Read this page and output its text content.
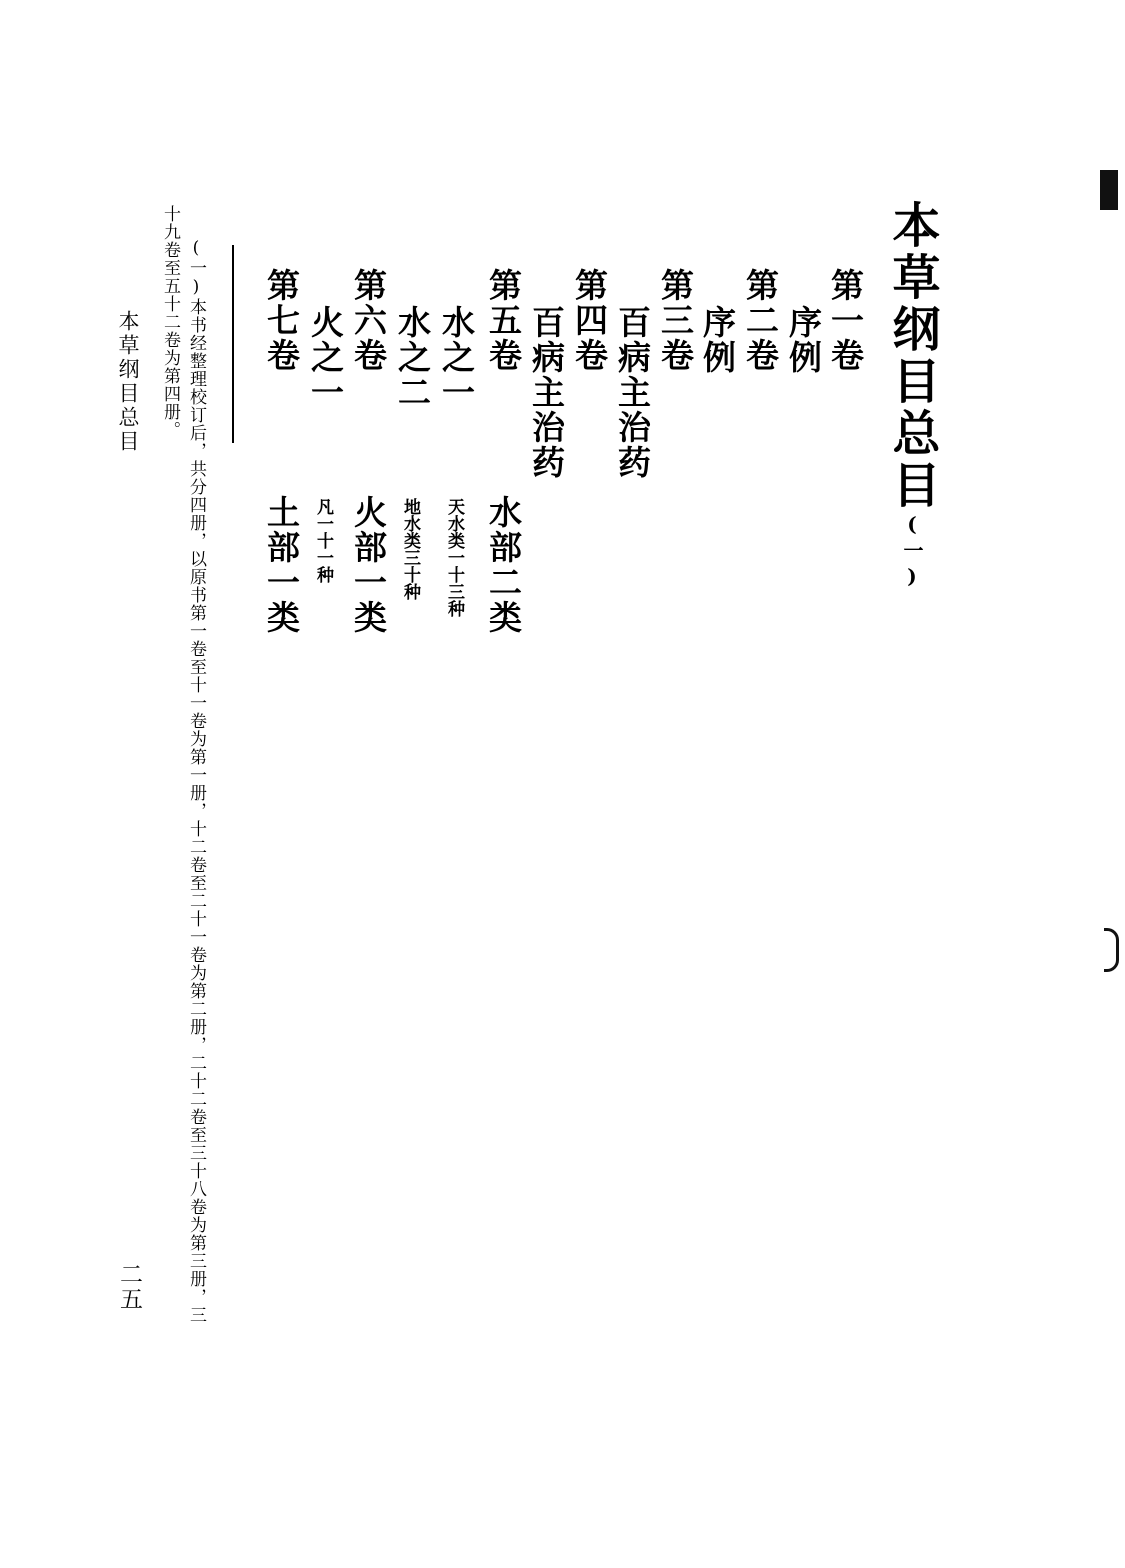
本草纲目总目(一)
第一卷
序例
第二卷
序例
第三卷
百病主治药
第四卷
百病主治药
第五卷
水部二类
水之一
天水类一十三种
水之二
地水类三十种
第六卷
火部一类
火之一
凡一十一种
第七卷
土部一类
(一)本书经整理校订后，共分四册，以原书第一卷至十一卷为第一册，十二卷至二十一卷为第二册，二十二卷至三十八卷为第三册，三
十九卷至五十二卷为第四册。
本草纲目总目
二五
